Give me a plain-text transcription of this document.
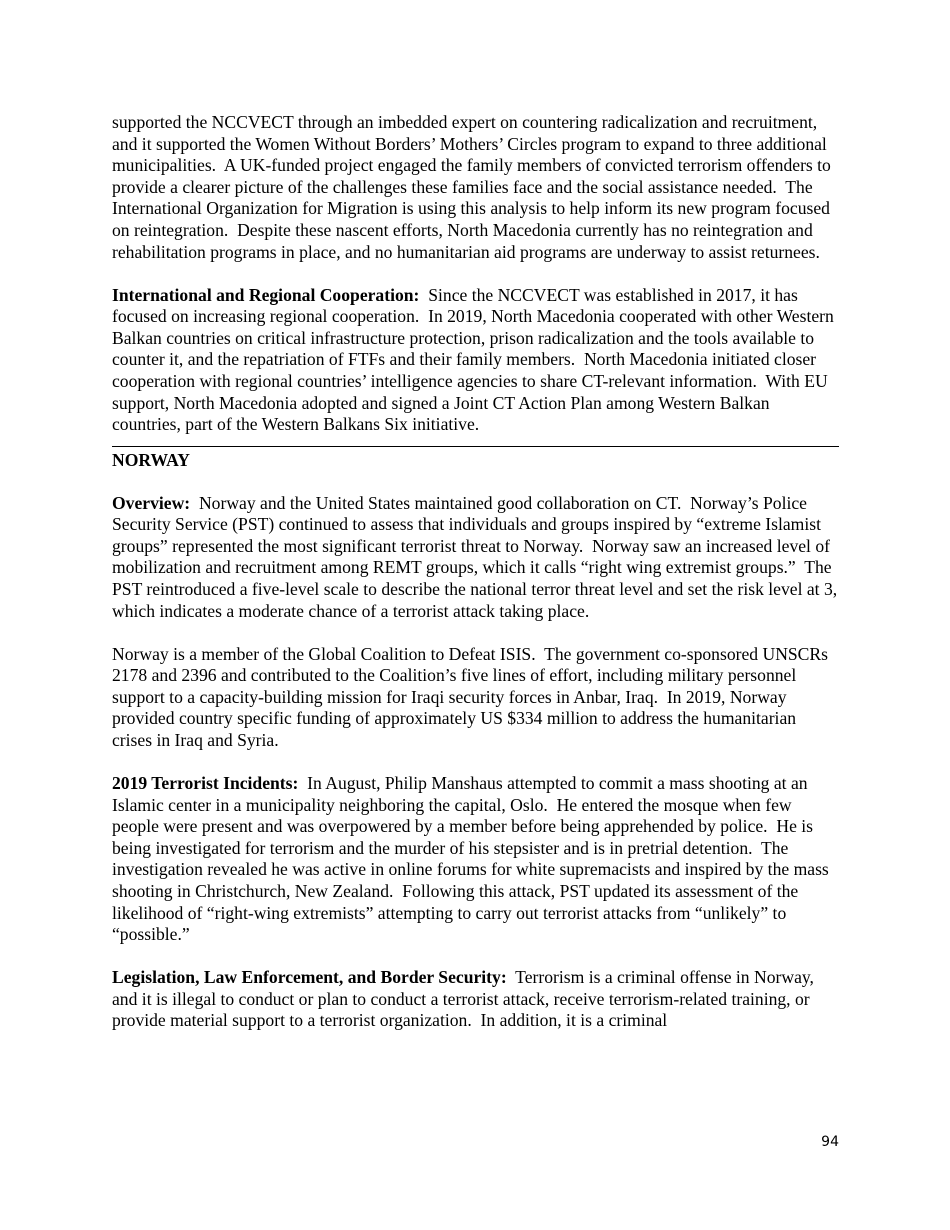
supported the NCCVECT through an imbedded expert on countering radicalization and recruitment, and it supported the Women Without Borders’ Mothers’ Circles program to expand to three additional municipalities.  A UK-funded project engaged the family members of convicted terrorism offenders to provide a clearer picture of the challenges these families face and the social assistance needed.  The International Organization for Migration is using this analysis to help inform its new program focused on reintegration.  Despite these nascent efforts, North Macedonia currently has no reintegration and rehabilitation programs in place, and no humanitarian aid programs are underway to assist returnees.

International and Regional Cooperation:  Since the NCCVECT was established in 2017, it has focused on increasing regional cooperation.  In 2019, North Macedonia cooperated with other Western Balkan countries on critical infrastructure protection, prison radicalization and the tools available to counter it, and the repatriation of FTFs and their family members.  North Macedonia initiated closer cooperation with regional countries’ intelligence agencies to share CT-relevant information.  With EU support, North Macedonia adopted and signed a Joint CT Action Plan among Western Balkan countries, part of the Western Balkans Six initiative.

NORWAY

Overview:  Norway and the United States maintained good collaboration on CT.  Norway’s Police Security Service (PST) continued to assess that individuals and groups inspired by “extreme Islamist groups” represented the most significant terrorist threat to Norway.  Norway saw an increased level of mobilization and recruitment among REMT groups, which it calls “right wing extremist groups.”  The PST reintroduced a five-level scale to describe the national terror threat level and set the risk level at 3, which indicates a moderate chance of a terrorist attack taking place.

Norway is a member of the Global Coalition to Defeat ISIS.  The government co-sponsored UNSCRs 2178 and 2396 and contributed to the Coalition’s five lines of effort, including military personnel support to a capacity-building mission for Iraqi security forces in Anbar, Iraq.  In 2019, Norway provided country specific funding of approximately US $334 million to address the humanitarian crises in Iraq and Syria.

2019 Terrorist Incidents:  In August, Philip Manshaus attempted to commit a mass shooting at an Islamic center in a municipality neighboring the capital, Oslo.  He entered the mosque when few people were present and was overpowered by a member before being apprehended by police.  He is being investigated for terrorism and the murder of his stepsister and is in pretrial detention.  The investigation revealed he was active in online forums for white supremacists and inspired by the mass shooting in Christchurch, New Zealand.  Following this attack, PST updated its assessment of the likelihood of “right-wing extremists” attempting to carry out terrorist attacks from “unlikely” to “possible.”

Legislation, Law Enforcement, and Border Security:  Terrorism is a criminal offense in Norway, and it is illegal to conduct or plan to conduct a terrorist attack, receive terrorism-related training, or provide material support to a terrorist organization.  In addition, it is a criminal

94
